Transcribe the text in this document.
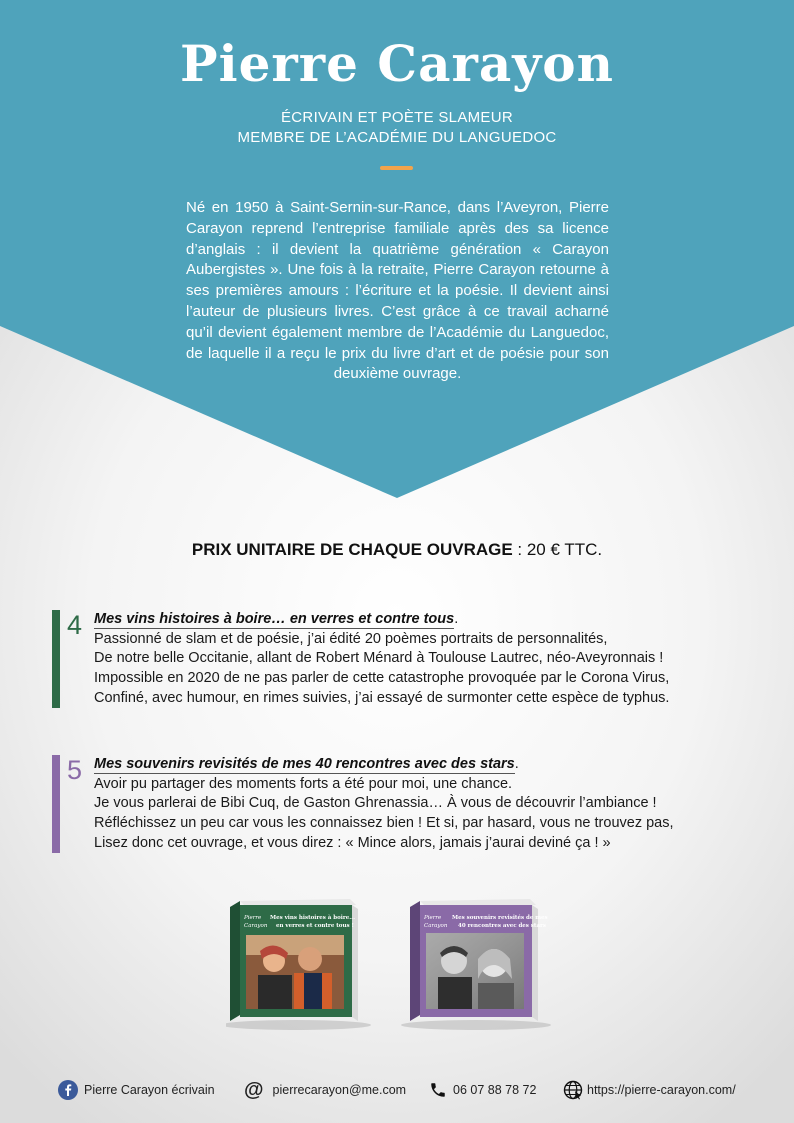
Pierre Carayon
ÉCRIVAIN ET POÈTE SLAMEUR
MEMBRE DE L’ACADÉMIE DU LANGUEDOC

Né en 1950 à Saint-Sernin-sur-Rance, dans l’Aveyron, Pierre Carayon reprend l’entreprise familiale après des sa licence d’anglais : il devient la quatrième génération « Carayon Aubergistes ». Une fois à la retraite, Pierre Carayon retourne à ses premières amours : l’écriture et la poésie. Il devient ainsi l’auteur de plusieurs livres. C’est grâce à ce travail acharné qu’il devient également membre de l’Académie du Languedoc, de laquelle il a reçu le prix du livre d’art et de poésie pour son deuxième ouvrage.

PRIX UNITAIRE DE CHAQUE OUVRAGE : 20 € TTC.
4 Mes vins histoires à boire… en verres et contre tous.
Passionné de slam et de poésie, j’ai édité 20 poèmes portraits de personnalités,
De notre belle Occitanie, allant de Robert Ménard à Toulouse Lautrec, néo-Aveyronnais !
Impossible en 2020 de ne pas parler de cette catastrophe provoquée par le Corona Virus,
Confiné, avec humour, en rimes suivies, j’ai essayé de surmonter cette espèce de typhus.
5 Mes souvenirs revisités de mes 40 rencontres avec des stars.
Avoir pu partager des moments forts a été pour moi, une chance.
Je vous parlerai de Bibi Cuq, de Gaston Ghrenassia… À vous de découvrir l’ambiance !
Réfléchissez un peu car vous les connaissez bien ! Et si, par hasard, vous ne trouvez pas,
Lisez donc cet ouvrage, et vous direz : « Mince alors, jamais j’aurai deviné ça ! »
Pierre
Carayon
Mes vins histoires à boire...
en verres et contre tous !
Pierre
Carayon
Mes souvenirs revisités de mes
40 rencontres avec des stars
Pierre Carayon écrivain @ pierrecarayon@me.com	06 07 88 78 72	https://pierre-carayon.com/
